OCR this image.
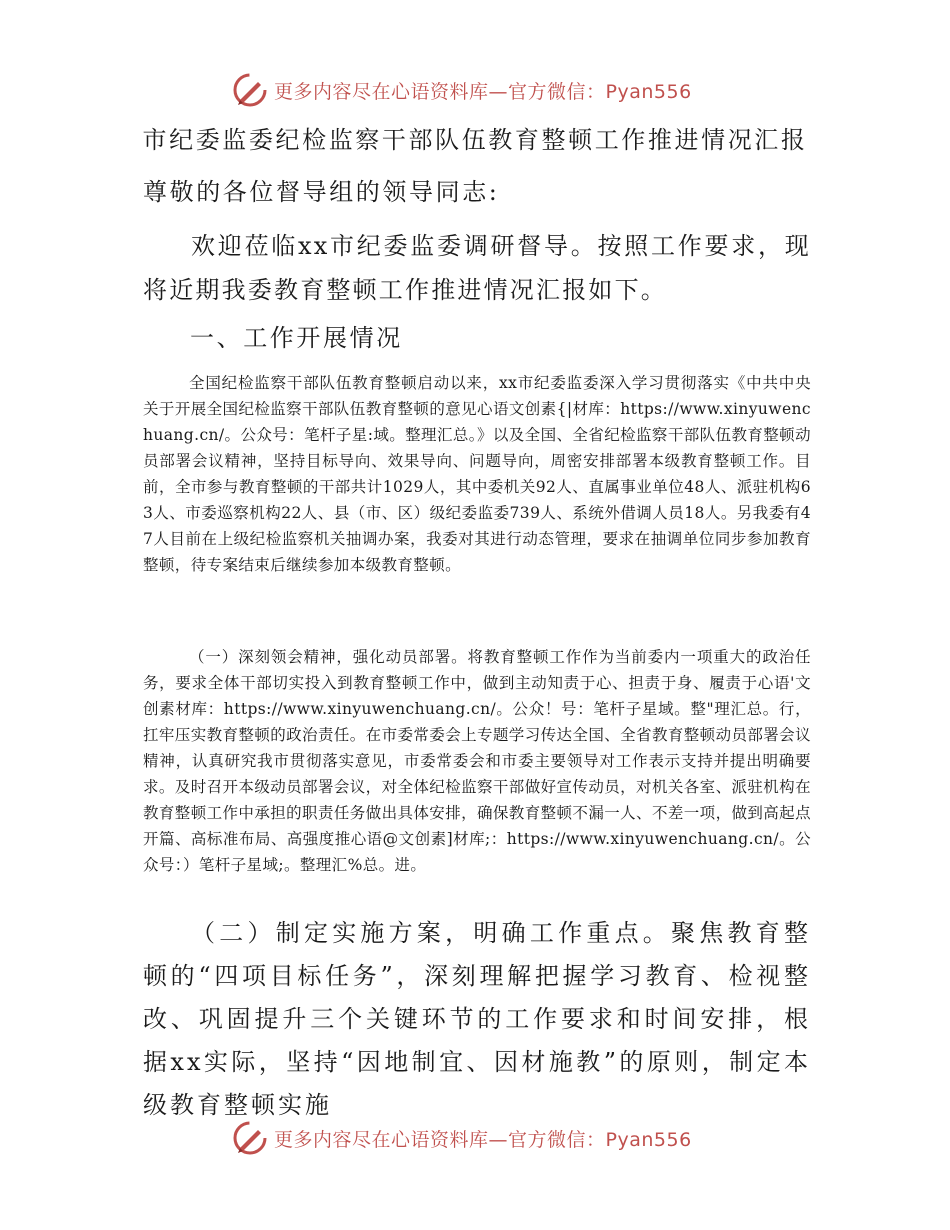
更多内容尽在心语资料库—官方微信：Pyan556
市纪委监委纪检监察干部队伍教育整顿工作推进情况汇报
尊敬的各位督导组的领导同志:

欢迎莅临xx市纪委监委调研督导。按照工作要求，现将近期我委教育整顿工作推进情况汇报如下。

一、工作开展情况

全国纪检监察干部队伍教育整顿启动以来，xx市纪委监委深入学习贯彻落实《中共中央关于开展全国纪检监察干部队伍教育整顿的意见心语文创素{|材库：https://www.xinyuwenchuang.cn/。公众号：笔杆子星:域。整理汇总。》以及全国、全省纪检监察干部队伍教育整顿动员部署会议精神，坚持目标导向、效果导向、问题导向，周密安排部署本级教育整顿工作。目前，全市参与教育整顿的干部共计1029人，其中委机关92人、直属事业单位48人、派驻机构63人、市委巡察机构22人、县（市、区）级纪委监委739人、系统外借调人员18人。另我委有47人目前在上级纪检监察机关抽调办案，我委对其进行动态管理，要求在抽调单位同步参加教育整顿，待专案结束后继续参加本级教育整顿。

（一）深刻领会精神，强化动员部署。将教育整顿工作作为当前委内一项重大的政治任务，要求全体干部切实投入到教育整顿工作中，做到主动知责于心、担责于身、履责于心语'文创素材库：https://www.xinyuwenchuang.cn/。公众！号：笔杆子星域。整"理汇总。行，扛牢压实教育整顿的政治责任。在市委常委会上专题学习传达全国、全省教育整顿动员部署会议精神，认真研究我市贯彻落实意见，市委常委会和市委主要领导对工作表示支持并提出明确要求。及时召开本级动员部署会议，对全体纪检监察干部做好宣传动员，对机关各室、派驻机构在教育整顿工作中承担的职责任务做出具体安排，确保教育整顿不漏一人、不差一项，做到高起点开篇、高标准布局、高强度推心语@文创素]材库;：https://www.xinyuwenchuang.cn/。公众号：）笔杆子星域;。整理汇%总。进。

（二）制定实施方案，明确工作重点。聚焦教育整顿的“四项目标任务”，深刻理解把握学习教育、检视整改、巩固提升三个关键环节的工作要求和时间安排，根据xx实际，坚持“因地制宜、因材施教”的原则，制定本级教育整顿实施

更多内容尽在心语资料库—官方微信：Pyan556
